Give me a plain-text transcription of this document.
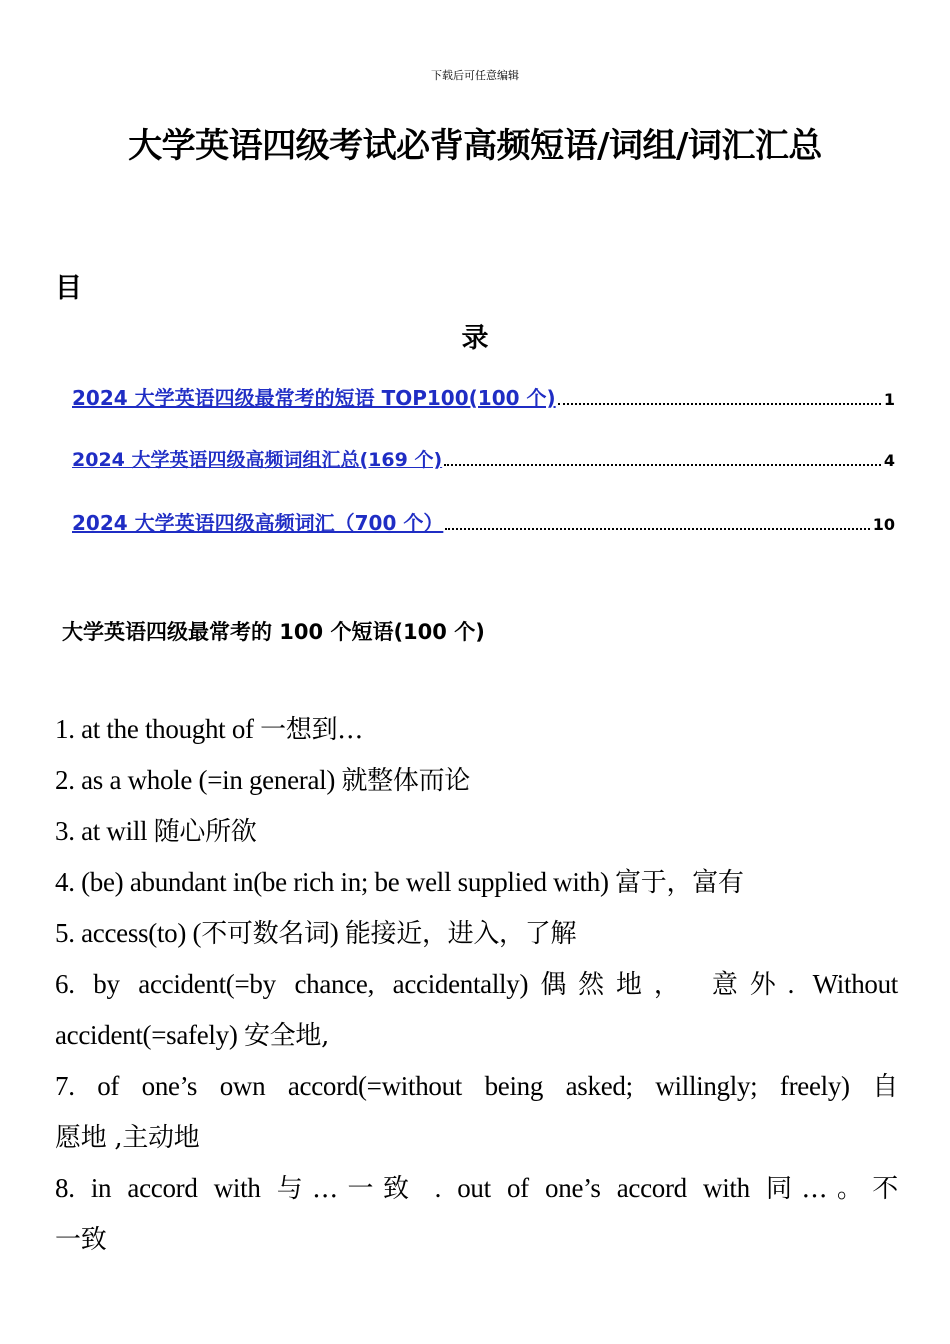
下载后可任意编辑
大学英语四级考试必背高频短语/词组/词汇汇总
目
录
2024 大学英语四级最常考的短语 TOP100(100 个)	1
2024 大学英语四级高频词组汇总(169 个)	4
2024 大学英语四级高频词汇（700 个）	10
大学英语四级最常考的 100 个短语(100 个)
1. at the thought of 一想到…
2. as a whole (=in general) 就整体而论
3. at will 随心所欲
4. (be) abundant in(be rich in; be well supplied with) 富于，富有
5. access(to) (不可数名词) 能接近，进入，了解
6. by accident(=by chance, accidentally)偶然地， 意外. Without
accident(=safely) 安全地,
7. of one’s own accord(=without being asked; willingly; freely) 自
愿地 ,主动地
8. in accord with 与…一致 . out of one’s accord with 同…。不
一致
